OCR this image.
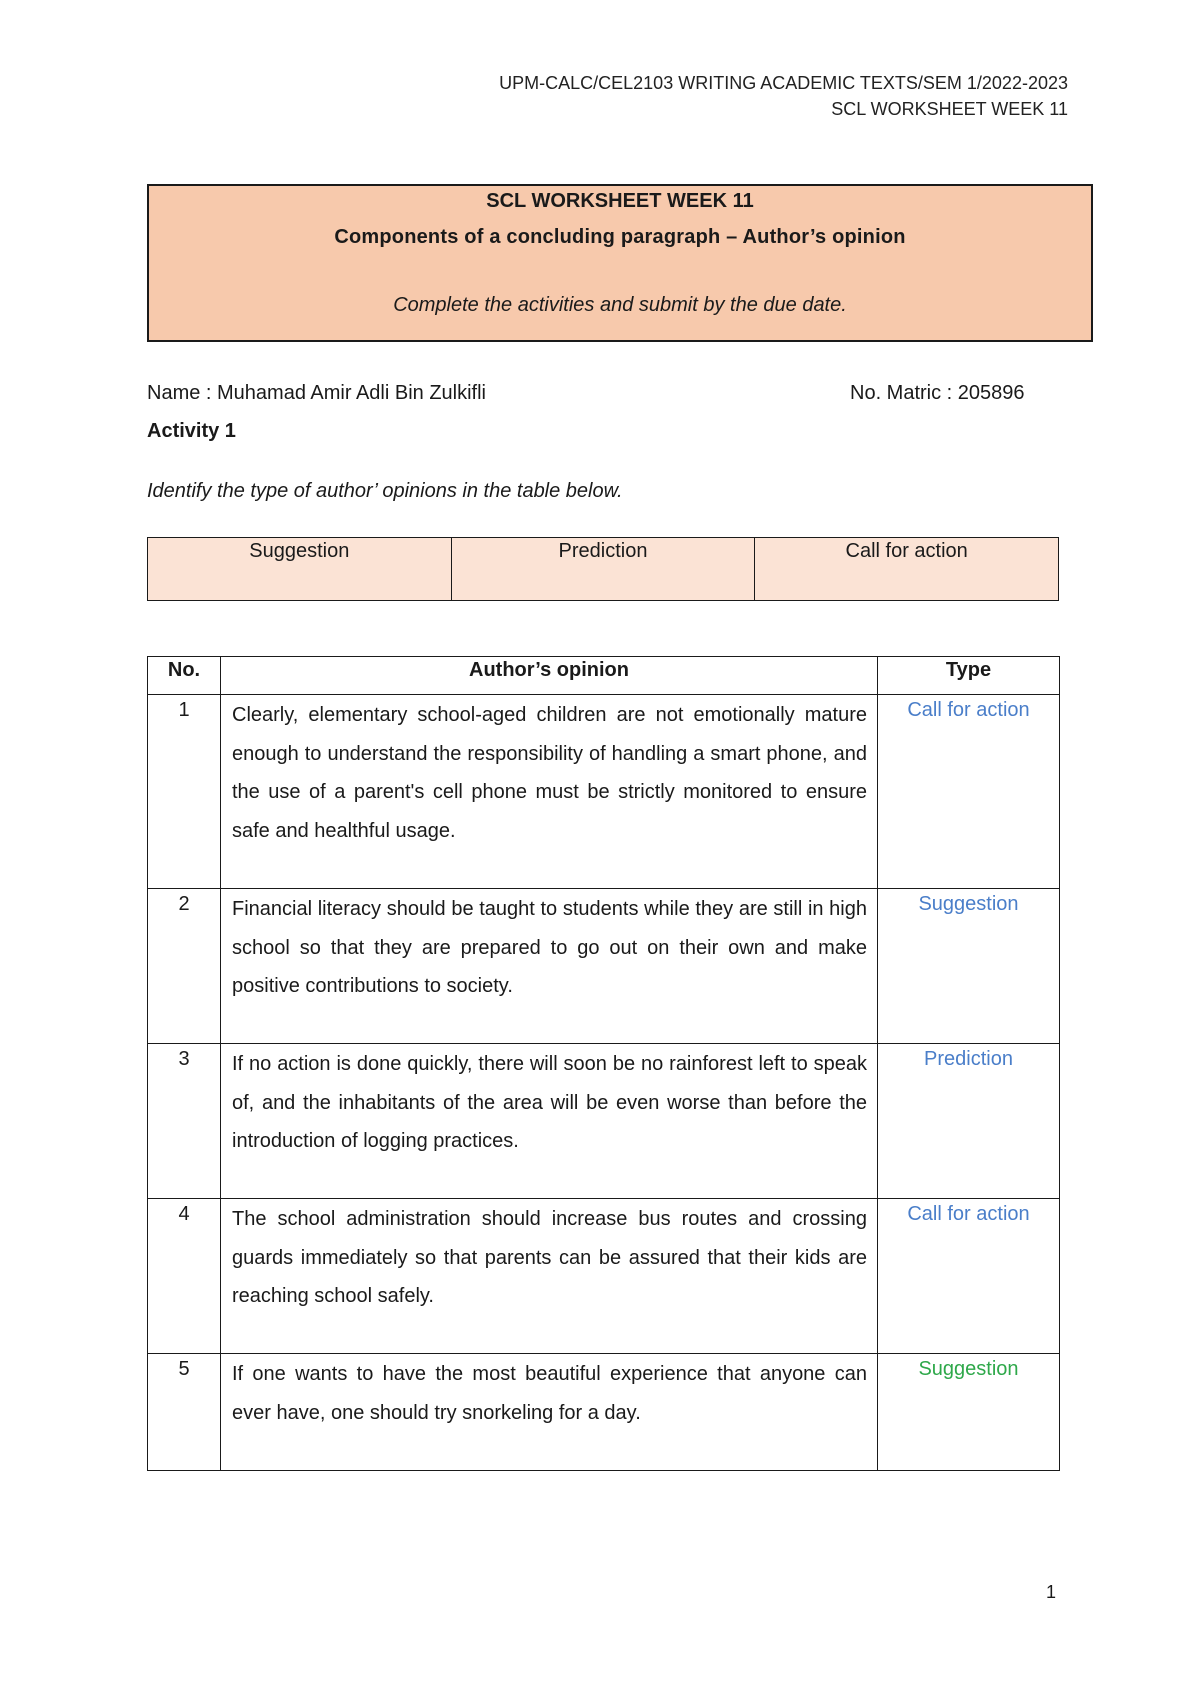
UPM-CALC/CEL2103 WRITING ACADEMIC TEXTS/SEM 1/2022-2023
SCL WORKSHEET WEEK 11
SCL WORKSHEET WEEK 11
Components of a concluding paragraph – Author’s opinion
Complete the activities and submit by the due date.
Name : Muhamad Amir Adli Bin Zulkifli	No. Matric : 205896
Activity 1
Identify the type of author’ opinions in the table below.
Suggestion	Prediction	Call for action
No.	Author’s opinion	Type
1	Clearly, elementary school-aged children are not emotionally mature enough to understand the responsibility of handling a smart phone, and the use of a parent's cell phone must be strictly monitored to ensure safe and healthful usage.	Call for action
2	Financial literacy should be taught to students while they are still in high school so that they are prepared to go out on their own and make positive contributions to society.	Suggestion
3	If no action is done quickly, there will soon be no rainforest left to speak of, and the inhabitants of the area will be even worse than before the introduction of logging practices.	Prediction
4	The school administration should increase bus routes and crossing guards immediately so that parents can be assured that their kids are reaching school safely.	Call for action
5	If one wants to have the most beautiful experience that anyone can ever have, one should try snorkeling for a day.	Suggestion
1
